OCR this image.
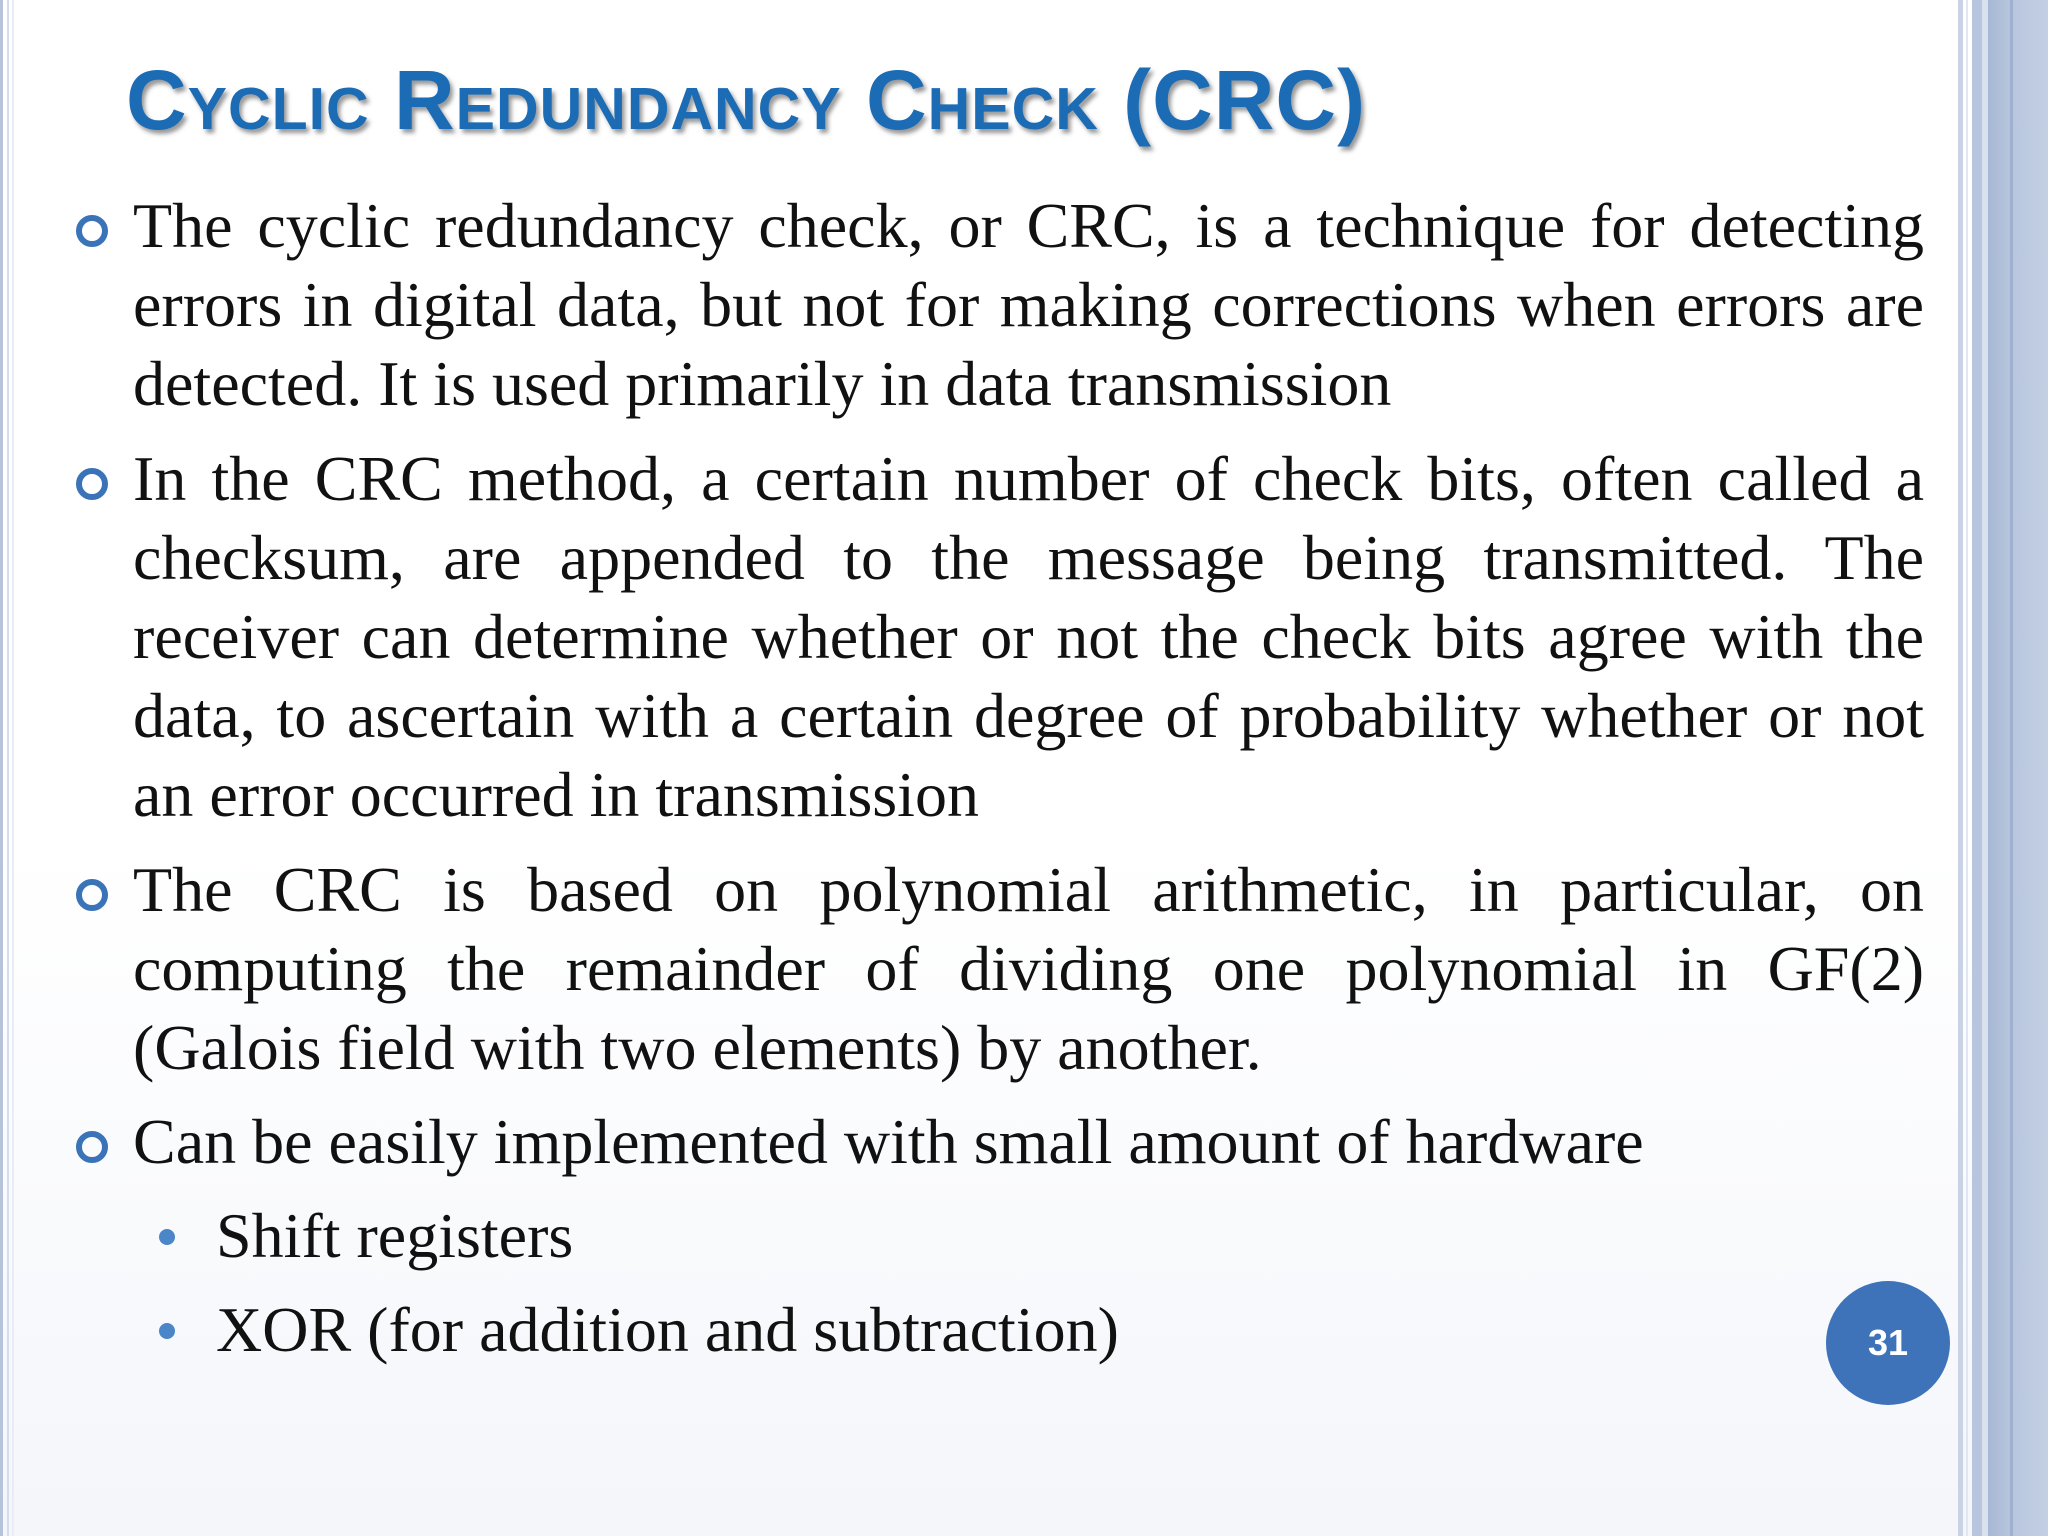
Cyclic Redundancy Check (CRC)
The cyclic redundancy check, or CRC, is a technique for detecting errors in digital data, but not for making corrections when errors are detected. It is used primarily in data transmission
In the CRC method, a certain number of check bits, often called a checksum, are appended to the message being transmitted. The receiver can determine whether or not the check bits agree with the data, to ascertain with a certain degree of probability whether or not an error occurred in transmission
The CRC is based on polynomial arithmetic, in particular, on computing the remainder of dividing one polynomial in GF(2) (Galois field with two elements) by another.
Can be easily implemented with small amount of hardware
Shift registers
XOR (for addition and subtraction)	31
